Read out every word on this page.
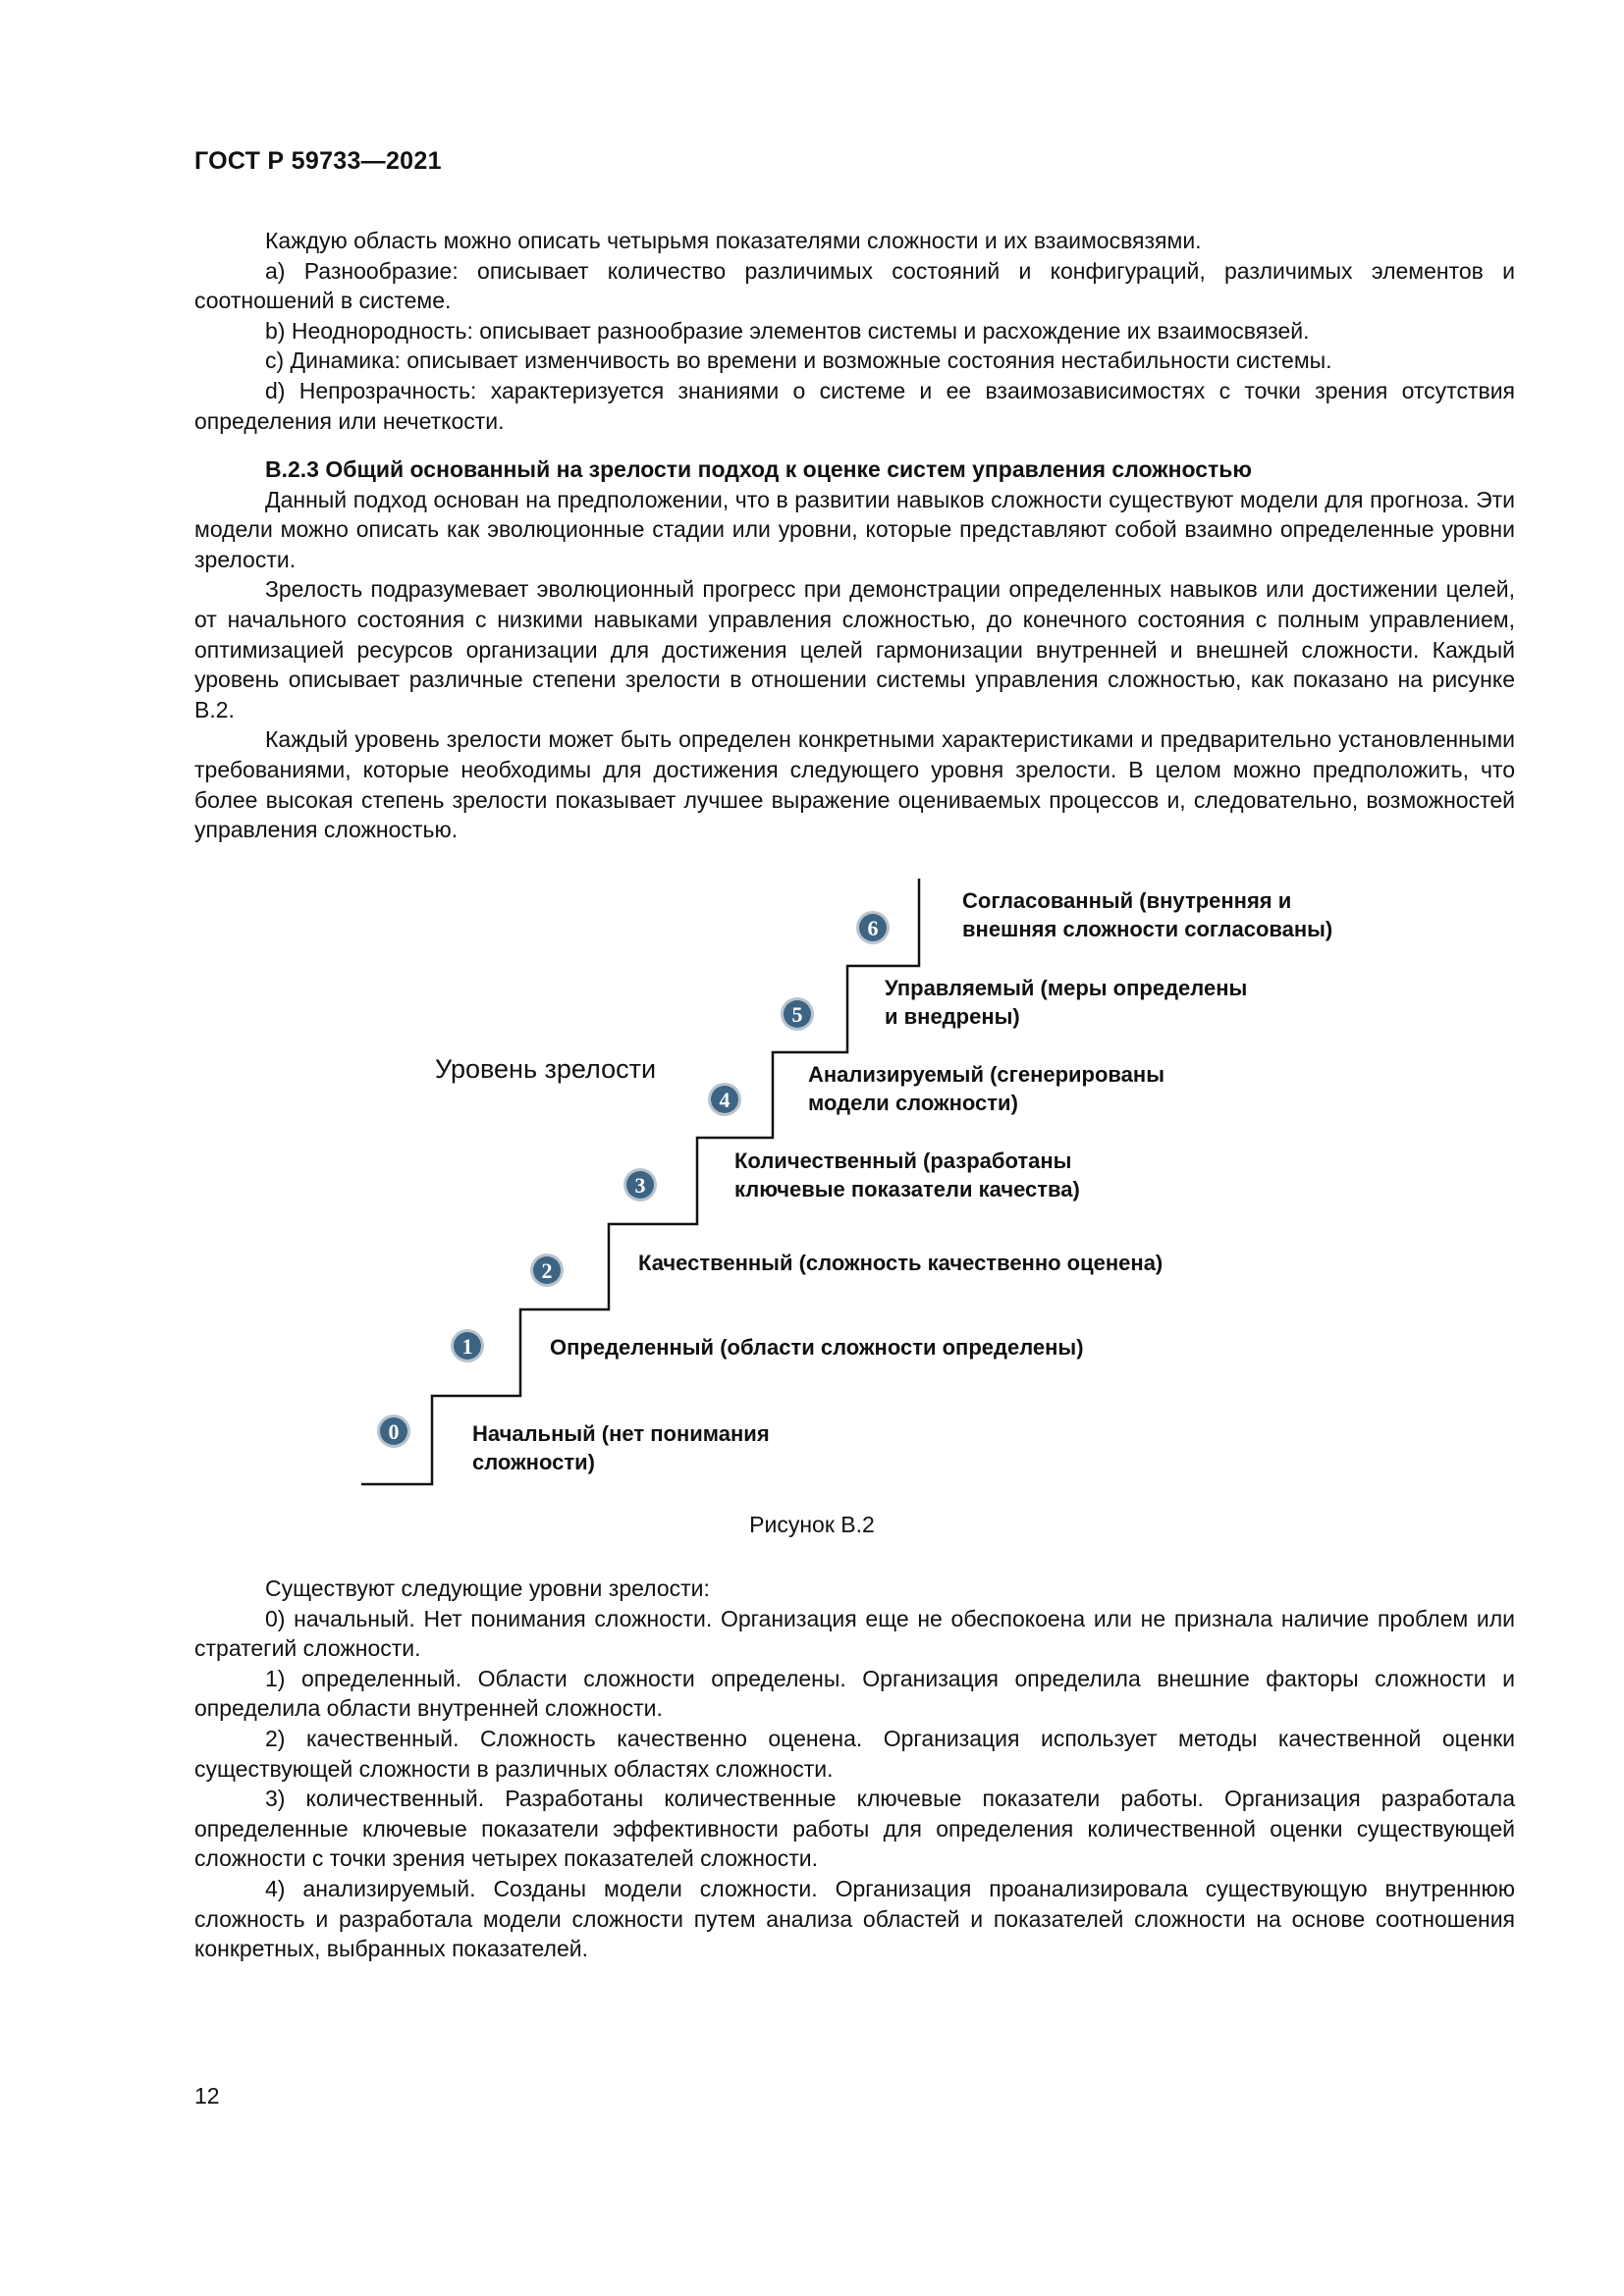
ГОСТ Р 59733—2021

Каждую область можно описать четырьмя показателями сложности и их взаимосвязями.

a) Разнообразие: описывает количество различимых состояний и конфигураций, различимых элементов и соотношений в системе.

b) Неоднородность: описывает разнообразие элементов системы и расхождение их взаимосвязей.

c) Динамика: описывает изменчивость во времени и возможные состояния нестабильности системы.

d) Непрозрачность: характеризуется знаниями о системе и ее взаимозависимостях с точки зрения отсутствия определения или нечеткости.

B.2.3 Общий основанный на зрелости подход к оценке систем управления сложностью

Данный подход основан на предположении, что в развитии навыков сложности существуют модели для прогноза. Эти модели можно описать как эволюционные стадии или уровни, которые представляют собой взаимно определенные уровни зрелости.

Зрелость подразумевает эволюционный прогресс при демонстрации определенных навыков или достижении целей, от начального состояния с низкими навыками управления сложностью, до конечного состояния с полным управлением, оптимизацией ресурсов организации для достижения целей гармонизации внутренней и внешней сложности. Каждый уровень описывает различные степени зрелости в отношении системы управления сложностью, как показано на рисунке В.2.

Каждый уровень зрелости может быть определен конкретными характеристиками и предварительно установленными требованиями, которые необходимы для достижения следующего уровня зрелости. В целом можно предположить, что более высокая степень зрелости показывает лучшее выражение оцениваемых процессов и, следовательно, возможностей управления сложностью.

Уровень зрелости
0
1
2
3
4
5
6
Начальный (нет понимания
сложности)
Определенный (области сложности определены)
Качественный (сложность качественно оценена)
Количественный (разработаны
ключевые показатели качества)
Анализируемый (сгенерированы
модели сложности)
Управляемый (меры определены
и внедрены)
Согласованный (внутренняя и
внешняя сложности согласованы)
Рисунок В.2

Существуют следующие уровни зрелости:

0) начальный. Нет понимания сложности. Организация еще не обеспокоена или не признала наличие проблем или стратегий сложности.

1) определенный. Области сложности определены. Организация определила внешние факторы сложности и определила области внутренней сложности.

2) качественный. Сложность качественно оценена. Организация использует методы качественной оценки существующей сложности в различных областях сложности.

3) количественный. Разработаны количественные ключевые показатели работы. Организация разработала определенные ключевые показатели эффективности работы для определения количественной оценки существующей сложности с точки зрения четырех показателей сложности.

4) анализируемый. Созданы модели сложности. Организация проанализировала существующую внутреннюю сложность и разработала модели сложности путем анализа областей и показателей сложности на основе соотношения конкретных, выбранных показателей.

12
